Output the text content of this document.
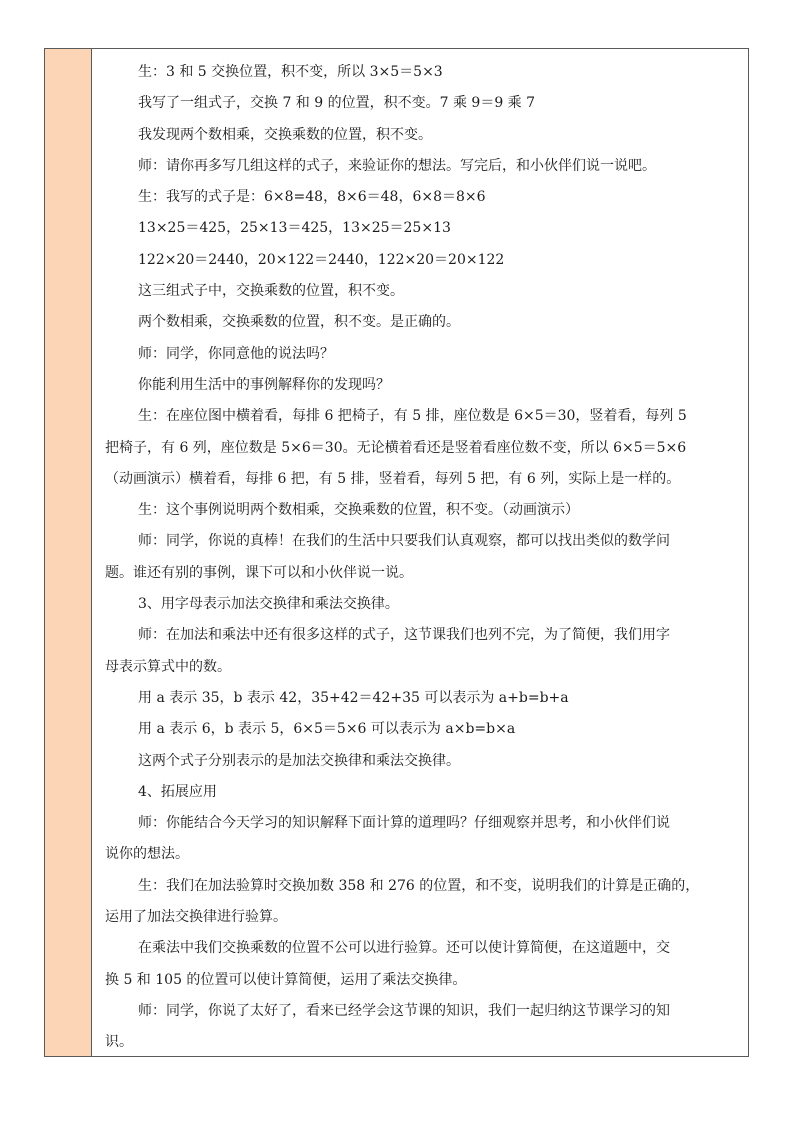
生：3 和 5 交换位置，积不变，所以 3×5＝5×3
我写了一组式子，交换 7 和 9 的位置，积不变。7 乘 9＝9 乘 7
我发现两个数相乘，交换乘数的位置，积不变。
师：请你再多写几组这样的式子，来验证你的想法。写完后，和小伙伴们说一说吧。
生：我写的式子是：6×8=48，8×6＝48，6×8＝8×6
13×25＝425，25×13＝425，13×25＝25×13
122×20＝2440，20×122＝2440，122×20＝20×122
这三组式子中，交换乘数的位置，积不变。
两个数相乘，交换乘数的位置，积不变。是正确的。
师：同学，你同意他的说法吗？
你能利用生活中的事例解释你的发现吗？
生：在座位图中横着看，每排 6 把椅子，有 5 排，座位数是 6×5＝30，竖着看，每列 5
把椅子，有 6 列，座位数是 5×6＝30。无论横着看还是竖着看座位数不变，所以 6×5＝5×6
（动画演示）横着看，每排 6 把，有 5 排，竖着看，每列 5 把，有 6 列，实际上是一样的。
生：这个事例说明两个数相乘，交换乘数的位置，积不变。（动画演示）
师：同学，你说的真棒！在我们的生活中只要我们认真观察，都可以找出类似的数学问
题。谁还有别的事例，课下可以和小伙伴说一说。
3、用字母表示加法交换律和乘法交换律。
师：在加法和乘法中还有很多这样的式子，这节课我们也列不完，为了简便，我们用字
母表示算式中的数。
用 a 表示 35，b 表示 42，35+42＝42+35 可以表示为 a+b=b+a
用 a 表示 6，b 表示 5，6×5＝5×6 可以表示为 a×b=b×a
这两个式子分别表示的是加法交换律和乘法交换律。
4、拓展应用
师：你能结合今天学习的知识解释下面计算的道理吗？仔细观察并思考，和小伙伴们说
说你的想法。
生：我们在加法验算时交换加数 358 和 276 的位置，和不变，说明我们的计算是正确的，
运用了加法交换律进行验算。
在乘法中我们交换乘数的位置不公可以进行验算。还可以使计算简便，在这道题中，交
换 5 和 105 的位置可以使计算简便，运用了乘法交换律。
师：同学，你说了太好了，看来已经学会这节课的知识，我们一起归纳这节课学习的知
识。
